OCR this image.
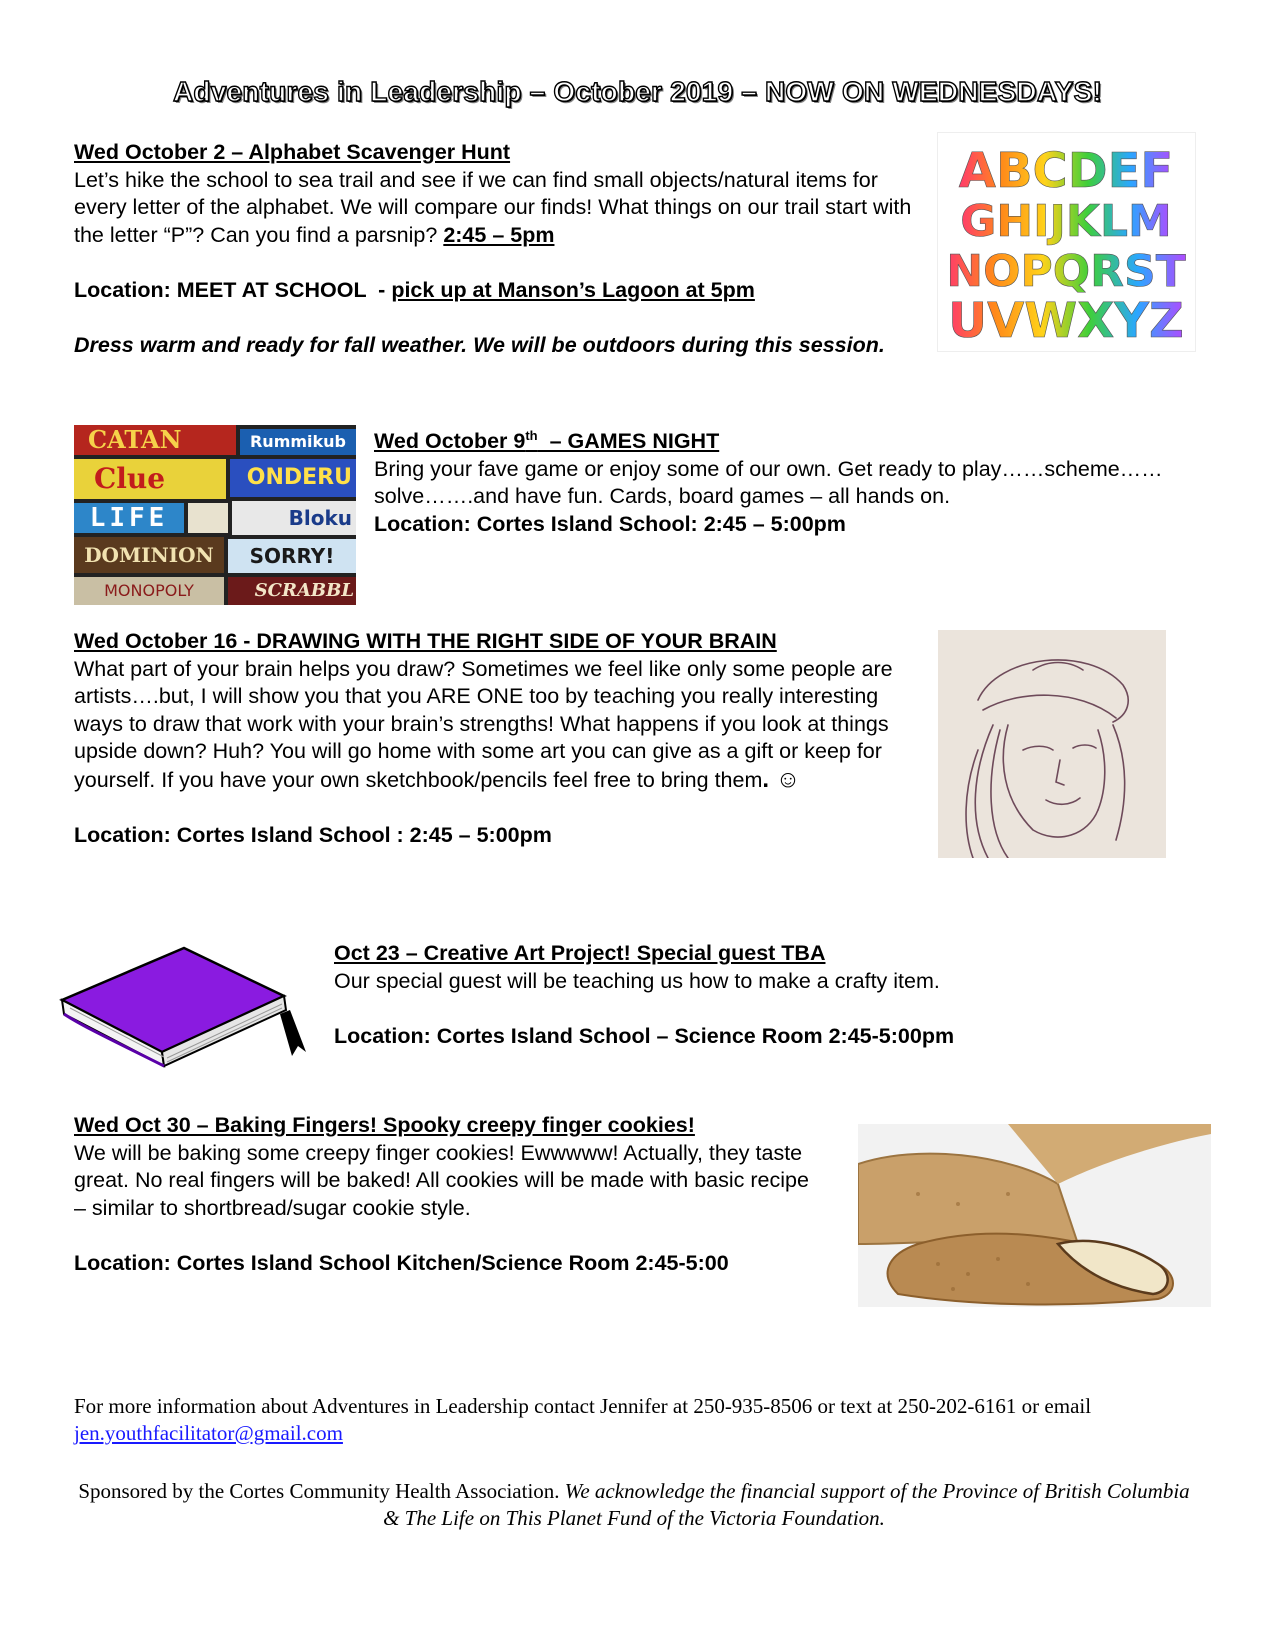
Adventures in Leadership – October 2019 – NOW ON WEDNESDAYS!

Wed October 2 – Alphabet Scavenger Hunt

Let’s hike the school to sea trail and see if we can find small objects/natural items for every letter of the alphabet. We will compare our finds! What things on our trail start with the letter “P”? Can you find a parsnip? 2:45 – 5pm

Location: MEET AT SCHOOL  - pick up at Manson’s Lagoon at 5pm

Dress warm and ready for fall weather. We will be outdoors during this session.

ABCDEF
GHIJKLM
NOPQRST
UVWXYZ
CATAN	Rummikub
Clue	ONDERU
LIFE	Bloku
DOMINION	SORRY!
MONOPOLY	SCRABBL

Wed October 9th  – GAMES NIGHT

Bring your fave game or enjoy some of our own. Get ready to play……scheme……solve…….and have fun. Cards, board games – all hands on.

Location: Cortes Island School: 2:45 – 5:00pm

Wed October 16 - DRAWING WITH THE RIGHT SIDE OF YOUR BRAIN

What part of your brain helps you draw? Sometimes we feel like only some people are artists….but, I will show you that you ARE ONE too by teaching you really interesting ways to draw that work with your brain’s strengths! What happens if you look at things upside down? Huh? You will go home with some art you can give as a gift or keep for yourself. If you have your own sketchbook/pencils feel free to bring them. ☺

Location: Cortes Island School : 2:45 – 5:00pm

Oct 23 – Creative Art Project! Special guest TBA

Our special guest will be teaching us how to make a crafty item.

Location: Cortes Island School – Science Room 2:45-5:00pm

Wed Oct 30 – Baking Fingers! Spooky creepy finger cookies!

We will be baking some creepy finger cookies! Ewwwww! Actually, they taste great. No real fingers will be baked! All cookies will be made with basic recipe – similar to shortbread/sugar cookie style.

Location: Cortes Island School Kitchen/Science Room 2:45-5:00

For more information about Adventures in Leadership contact Jennifer at 250-935-8506 or text at 250-202-6161 or email jen.youthfacilitator@gmail.com
Sponsored by the Cortes Community Health Association. We acknowledge the financial support of the Province of British Columbia & The Life on This Planet Fund of the Victoria Foundation.
